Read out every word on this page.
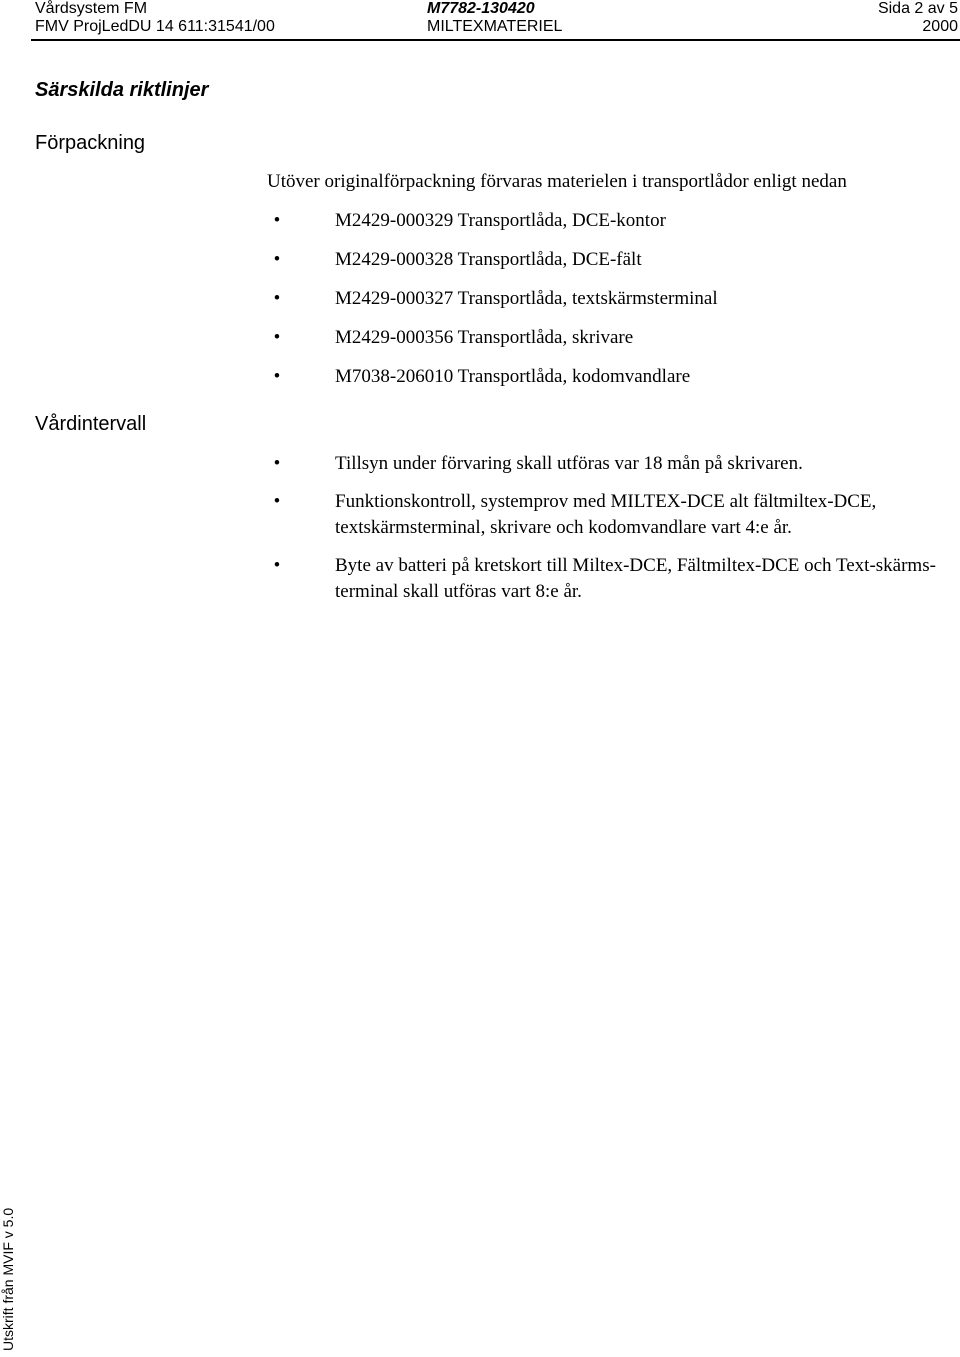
Vårdsystem FM
FMV ProjLedDU 14 611:31541/00
M7782-130420
MILTEXMATERIEL
Sida 2 av 5
2000
Särskilda riktlinjer
Förpackning
Utöver originalförpackning förvaras materielen i transportlådor enligt nedan
•	M2429-000329 Transportlåda, DCE-kontor
•	M2429-000328 Transportlåda, DCE-fält
•	M2429-000327 Transportlåda, textskärmsterminal
•	M2429-000356 Transportlåda, skrivare
•	M7038-206010 Transportlåda, kodomvandlare
Vårdintervall
•	Tillsyn under förvaring skall utföras var 18 mån på skrivaren.
•	Funktionskontroll, systemprov med MILTEX-DCE alt fältmiltex-DCE, textskärmsterminal, skrivare och kodomvandlare vart 4:e år.
•	Byte av batteri på kretskort till Miltex-DCE, Fältmiltex-DCE och Text-skärms-terminal skall utföras vart 8:e år.
Utskrift från MVIF v 5.0
